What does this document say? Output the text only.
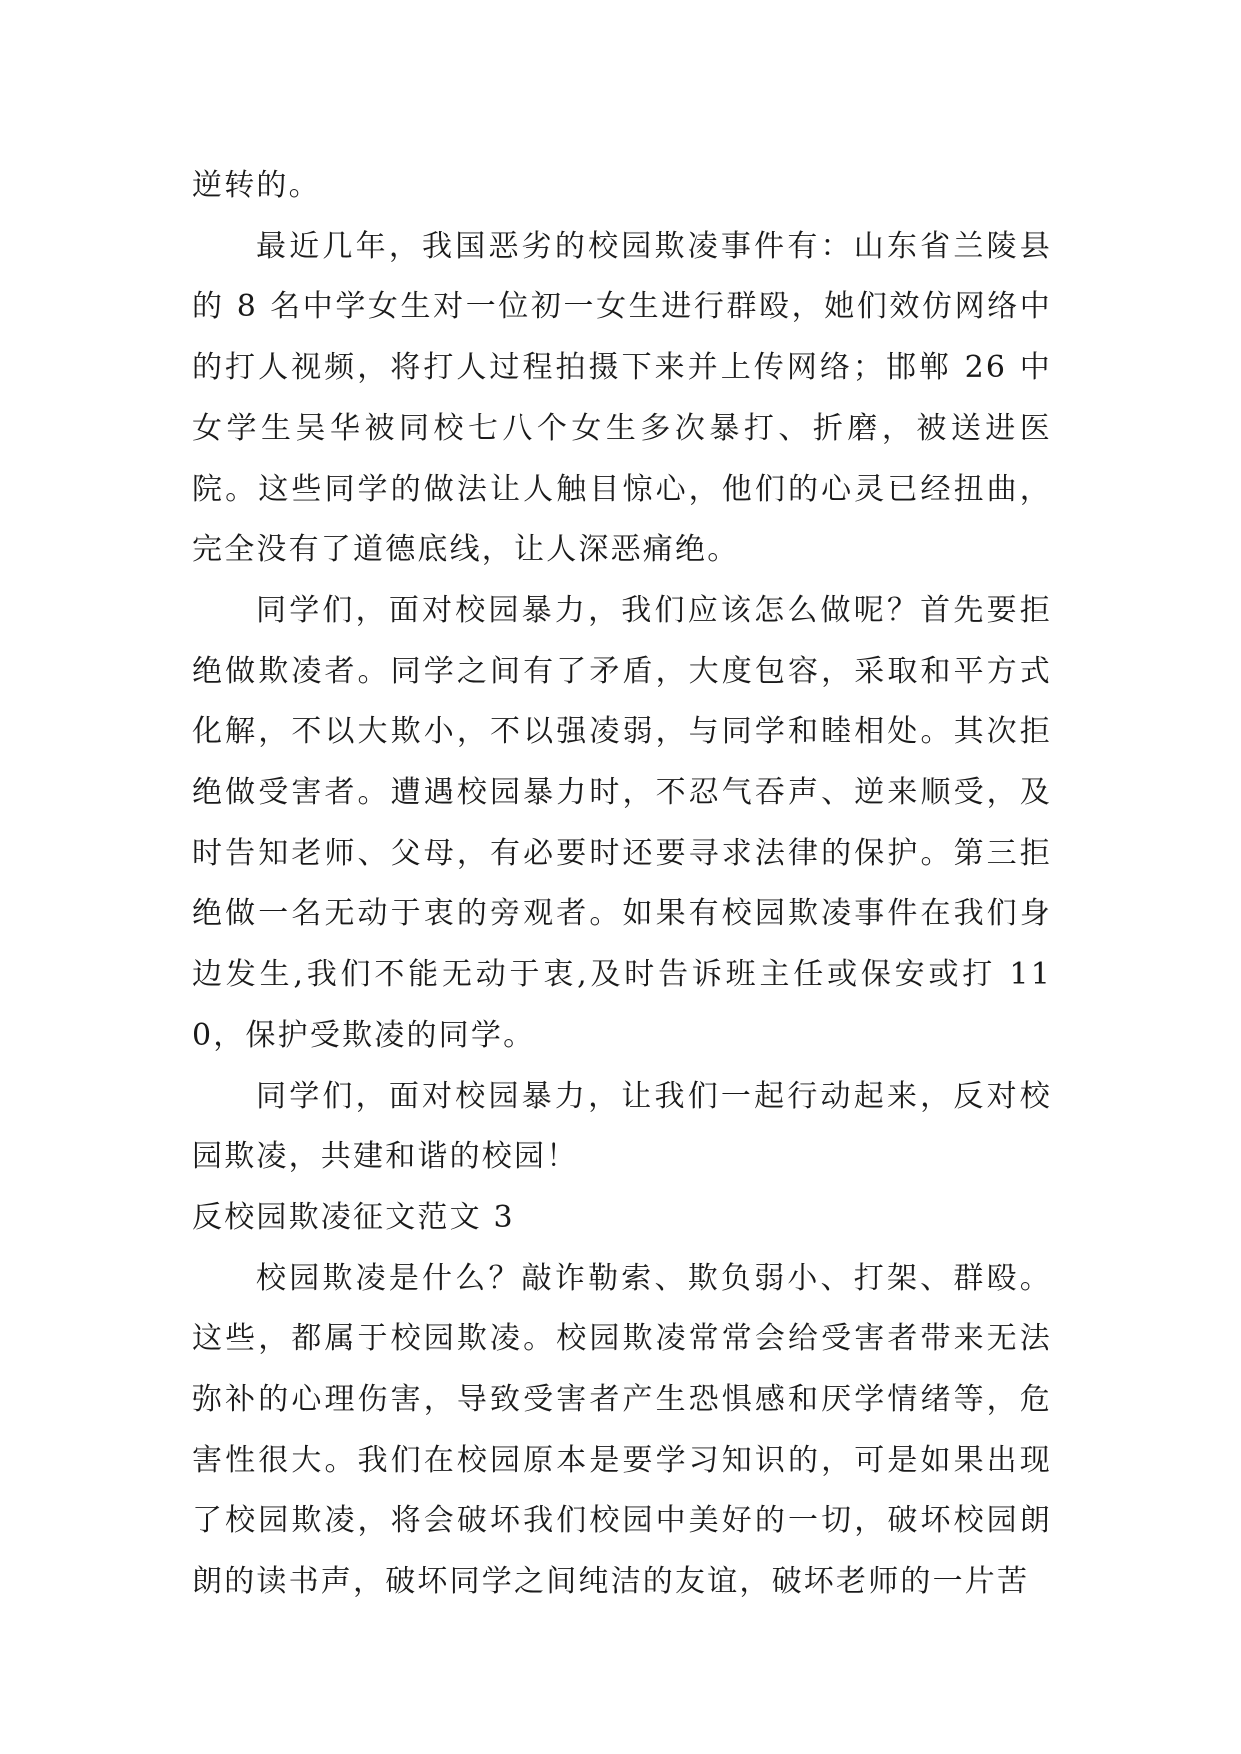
逆转的。

最近几年，我国恶劣的校园欺凌事件有：山东省兰陵县的 8 名中学女生对一位初一女生进行群殴，她们效仿网络中的打人视频，将打人过程拍摄下来并上传网络；邯郸 26 中女学生吴华被同校七八个女生多次暴打、折磨，被送进医院。这些同学的做法让人触目惊心，他们的心灵已经扭曲，完全没有了道德底线，让人深恶痛绝。

同学们，面对校园暴力，我们应该怎么做呢？首先要拒绝做欺凌者。同学之间有了矛盾，大度包容，采取和平方式化解，不以大欺小，不以强凌弱，与同学和睦相处。其次拒绝做受害者。遭遇校园暴力时，不忍气吞声、逆来顺受，及时告知老师、父母，有必要时还要寻求法律的保护。第三拒绝做一名无动于衷的旁观者。如果有校园欺凌事件在我们身边发生,我们不能无动于衷,及时告诉班主任或保安或打 110，保护受欺凌的同学。

同学们，面对校园暴力，让我们一起行动起来，反对校园欺凌，共建和谐的校园！

反校园欺凌征文范文 3

校园欺凌是什么？敲诈勒索、欺负弱小、打架、群殴。这些，都属于校园欺凌。校园欺凌常常会给受害者带来无法弥补的心理伤害，导致受害者产生恐惧感和厌学情绪等，危害性很大。我们在校园原本是要学习知识的，可是如果出现了校园欺凌，将会破坏我们校园中美好的一切，破坏校园朗朗的读书声，破坏同学之间纯洁的友谊，破坏老师的一片苦
